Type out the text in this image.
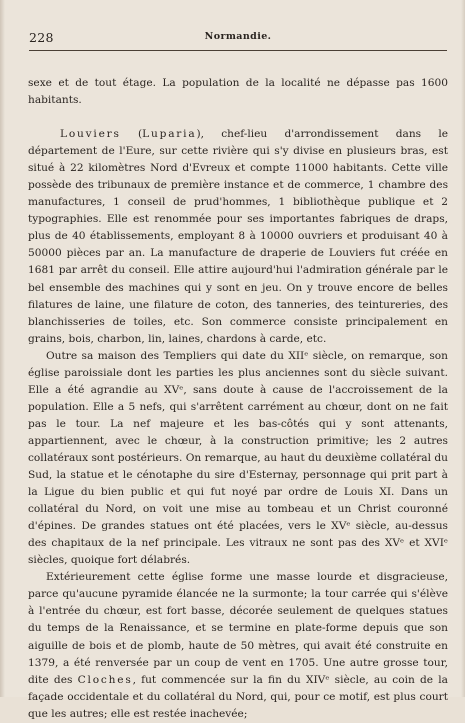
228	Normandie.

sexe et de tout étage. La population de la localité ne dépasse pas 1600 habitants.

Louviers (Luparia), chef-lieu d'arrondissement dans le département de l'Eure, sur cette rivière qui s'y divise en plusieurs bras, est situé à 22 kilomètres Nord d'Evreux et compte 11000 habitants. Cette ville possède des tribunaux de première instance et de commerce, 1 chambre des manufactures, 1 conseil de prud'hommes, 1 bibliothèque publique et 2 typographies. Elle est renommée pour ses importantes fabriques de draps, plus de 40 établissements, employant 8 à 10000 ouvriers et produisant 40 à 50000 pièces par an. La manufacture de draperie de Louviers fut créée en 1681 par arrêt du conseil. Elle attire aujourd'hui l'admiration générale par le bel ensemble des machines qui y sont en jeu. On y trouve encore de belles filatures de laine, une filature de coton, des tanneries, des teintureries, des blanchisseries de toiles, etc. Son commerce consiste principalement en grains, bois, charbon, lin, laines, chardons à carde, etc.

Outre sa maison des Templiers qui date du XIIᵉ siècle, on remarque, son église paroissiale dont les parties les plus anciennes sont du siècle suivant. Elle a été agrandie au XVᵉ, sans doute à cause de l'accroissement de la population. Elle a 5 nefs, qui s'arrêtent carrément au chœur, dont on ne fait pas le tour. La nef majeure et les bas-côtés qui y sont attenants, appartiennent, avec le chœur, à la construction primitive; les 2 autres collatéraux sont postérieurs. On remarque, au haut du deuxième collatéral du Sud, la statue et le cénotaphe du sire d'Esternay, personnage qui prit part à la Ligue du bien public et qui fut noyé par ordre de Louis XI. Dans un collatéral du Nord, on voit une mise au tombeau et un Christ couronné d'épines. De grandes statues ont été placées, vers le XVᵉ siècle, au-dessus des chapitaux de la nef principale. Les vitraux ne sont pas des XVᵉ et XVIᵉ siècles, quoique fort délabrés.

Extérieurement cette église forme une masse lourde et disgracieuse, parce qu'aucune pyramide élancée ne la surmonte; la tour carrée qui s'élève à l'entrée du chœur, est fort basse, décorée seulement de quelques statues du temps de la Renaissance, et se termine en plate-forme depuis que son aiguille de bois et de plomb, haute de 50 mètres, qui avait été construite en 1379, a été renversée par un coup de vent en 1705. Une autre grosse tour, dite des Cloches, fut commencée sur la fin du XIVᵉ siècle, au coin de la façade occidentale et du collatéral du Nord, qui, pour ce motif, est plus court que les autres; elle est restée inachevée;
